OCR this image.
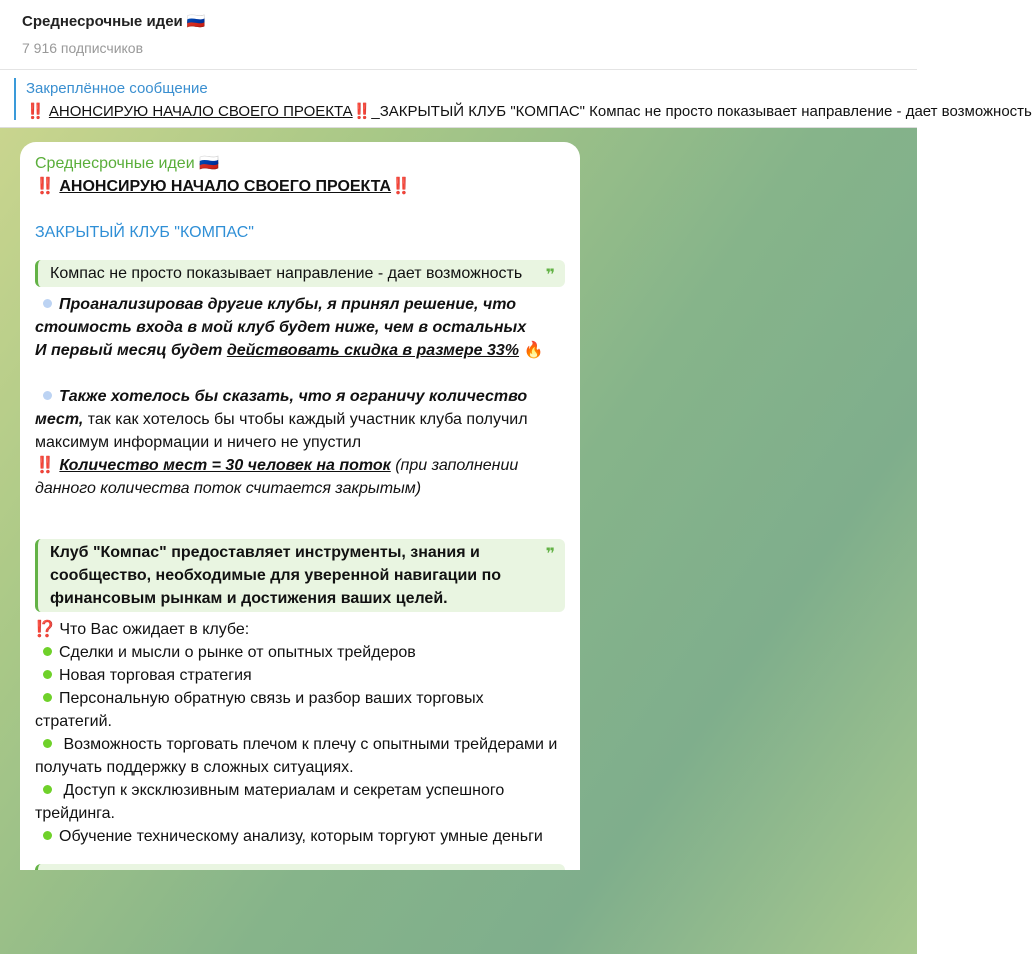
Среднесрочные идеи 🇷🇺
7 916 подписчиков
Закреплённое сообщение
‼️ АНОНСИРУЮ НАЧАЛО СВОЕГО ПРОЕКТА‼️_ЗАКРЫТЫЙ КЛУБ "КОМПАС" Компас не просто показывает направление - дает возможность
Среднесрочные идеи 🇷🇺
‼️ АНОНСИРУЮ НАЧАЛО СВОЕГО ПРОЕКТА‼️
ЗАКРЫТЫЙ КЛУБ "КОМПАС"
Компас не просто показывает направление - дает возможность ❞
Проанализировав другие клубы, я принял решение, что стоимость входа в мой клуб будет ниже, чем в остальных
И первый месяц будет действовать скидка в размере 33% 🔥
Также хотелось бы сказать, что я ограничу количество мест, так как хотелось бы чтобы каждый участник клуба получил максимум информации и ничего не упустил
‼️ Количество мест = 30 человек на поток (при заполнении данного количества поток считается закрытым)
Клуб "Компас" предоставляет инструменты, знания и сообщество, необходимые для уверенной навигации по финансовым рынкам и достижения ваших целей.
❞
⁉️ Что Вас ожидает в клубе:
Сделки и мысли о рынке от опытных трейдеров
Новая торговая стратегия
Персональную обратную связь и разбор ваших торговых стратегий.
Возможность торговать плечом к плечу с опытными трейдерами и получать поддержку в сложных ситуациях.
Доступ к эксклюзивным материалам и секретам успешного трейдинга.
Обучение техническому анализу, которым торгуют умные деньги
